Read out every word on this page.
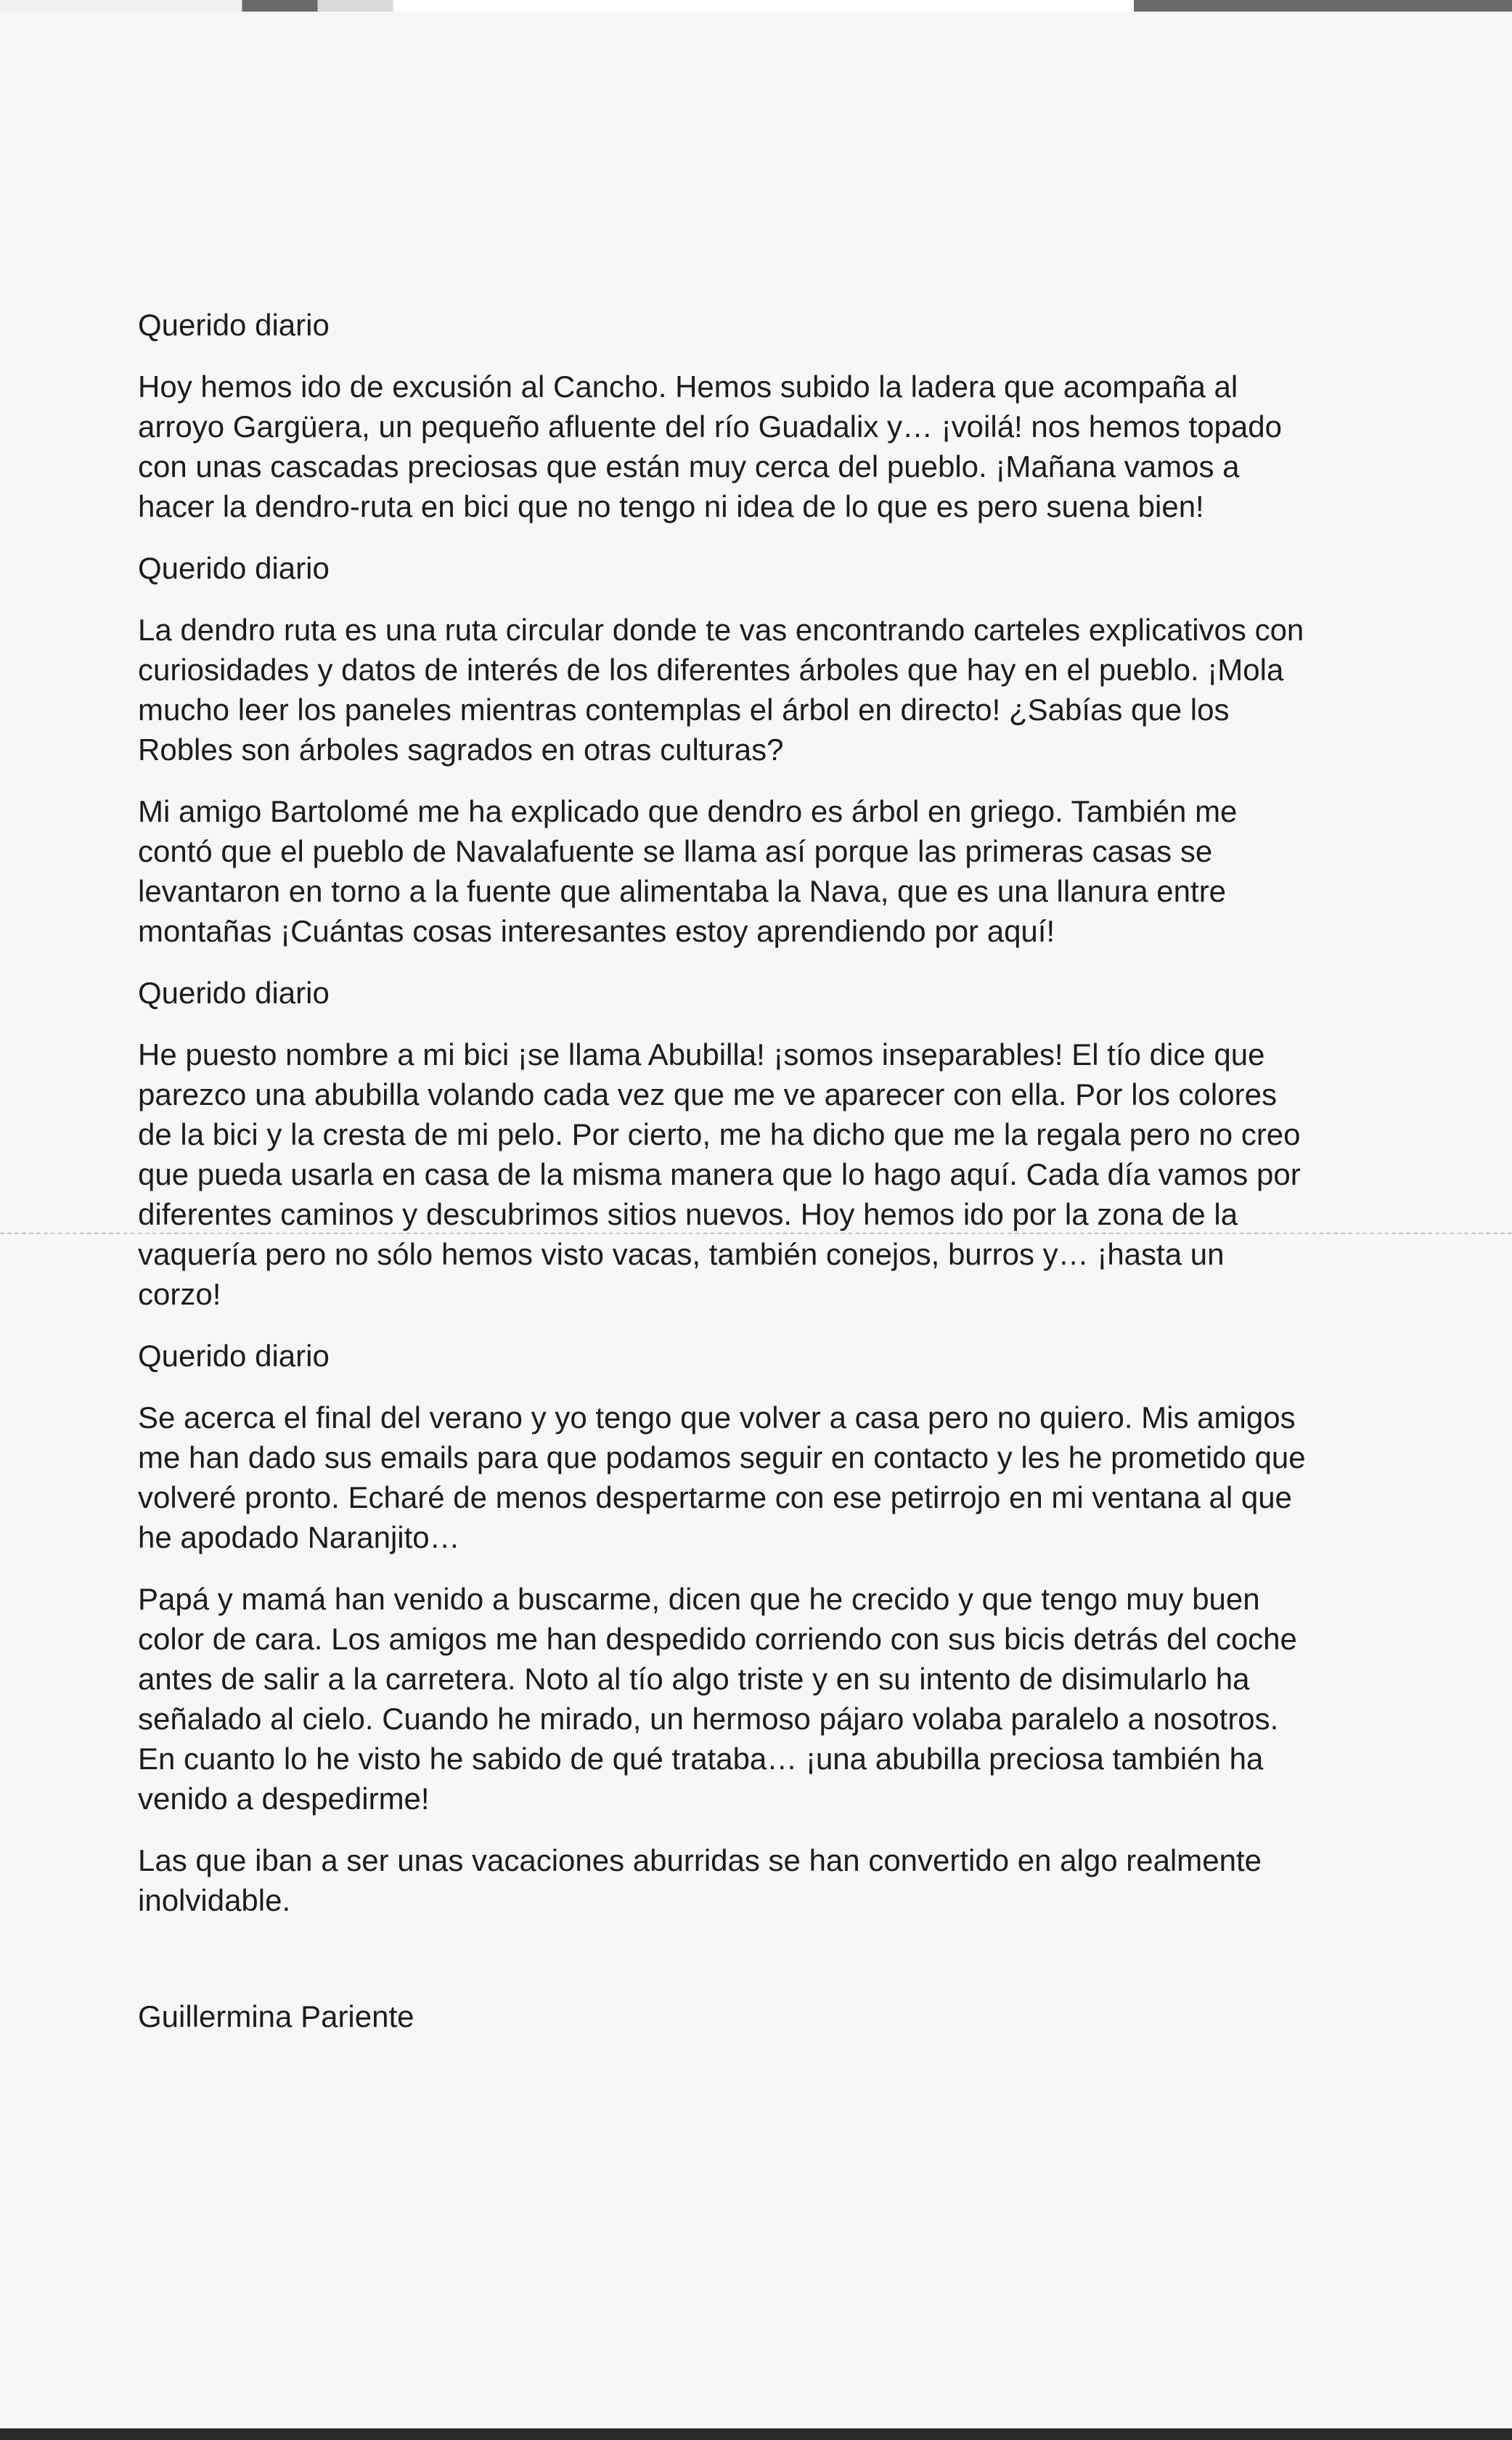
Querido diario

Hoy hemos ido de excusión al Cancho. Hemos subido la ladera que acompaña al arroyo Gargüera, un pequeño afluente del río Guadalix y… ¡voilá! nos hemos topado con unas cascadas preciosas que están muy cerca del pueblo. ¡Mañana vamos a hacer la dendro-ruta en bici que no tengo ni idea de lo que es pero suena bien!

Querido diario

La dendro ruta es una ruta circular donde te vas encontrando carteles explicativos con curiosidades y datos de interés de los diferentes árboles que hay en el pueblo. ¡Mola mucho leer los paneles mientras contemplas el árbol en directo! ¿Sabías que los Robles son árboles sagrados en otras culturas?

Mi amigo Bartolomé me ha explicado que dendro es árbol en griego. También me contó que el pueblo de Navalafuente se llama así porque las primeras casas se levantaron en torno a la fuente que alimentaba la Nava, que es una llanura entre montañas ¡Cuántas cosas interesantes estoy aprendiendo por aquí!

Querido diario

He puesto nombre a mi bici ¡se llama Abubilla! ¡somos inseparables! El tío dice que parezco una abubilla volando cada vez que me ve aparecer con ella. Por los colores de la bici y la cresta de mi pelo. Por cierto, me ha dicho que me la regala pero no creo que pueda usarla en casa de la misma manera que lo hago aquí. Cada día vamos por diferentes caminos y descubrimos sitios nuevos. Hoy hemos ido por la zona de la vaquería pero no sólo hemos visto vacas, también conejos, burros y… ¡hasta un corzo!

Querido diario

Se acerca el final del verano y yo tengo que volver a casa pero no quiero. Mis amigos me han dado sus emails para que podamos seguir en contacto y les he prometido que volveré pronto. Echaré de menos despertarme con ese petirrojo en mi ventana al que he apodado Naranjito…

Papá y mamá han venido a buscarme, dicen que he crecido y que tengo muy buen color de cara. Los amigos me han despedido corriendo con sus bicis detrás del coche antes de salir a la carretera. Noto al tío algo triste y en su intento de disimularlo ha señalado al cielo. Cuando he mirado, un hermoso pájaro volaba paralelo a nosotros. En cuanto lo he visto he sabido de qué trataba… ¡una abubilla preciosa también ha venido a despedirme!

Las que iban a ser unas vacaciones aburridas se han convertido en algo realmente inolvidable.

Guillermina Pariente
